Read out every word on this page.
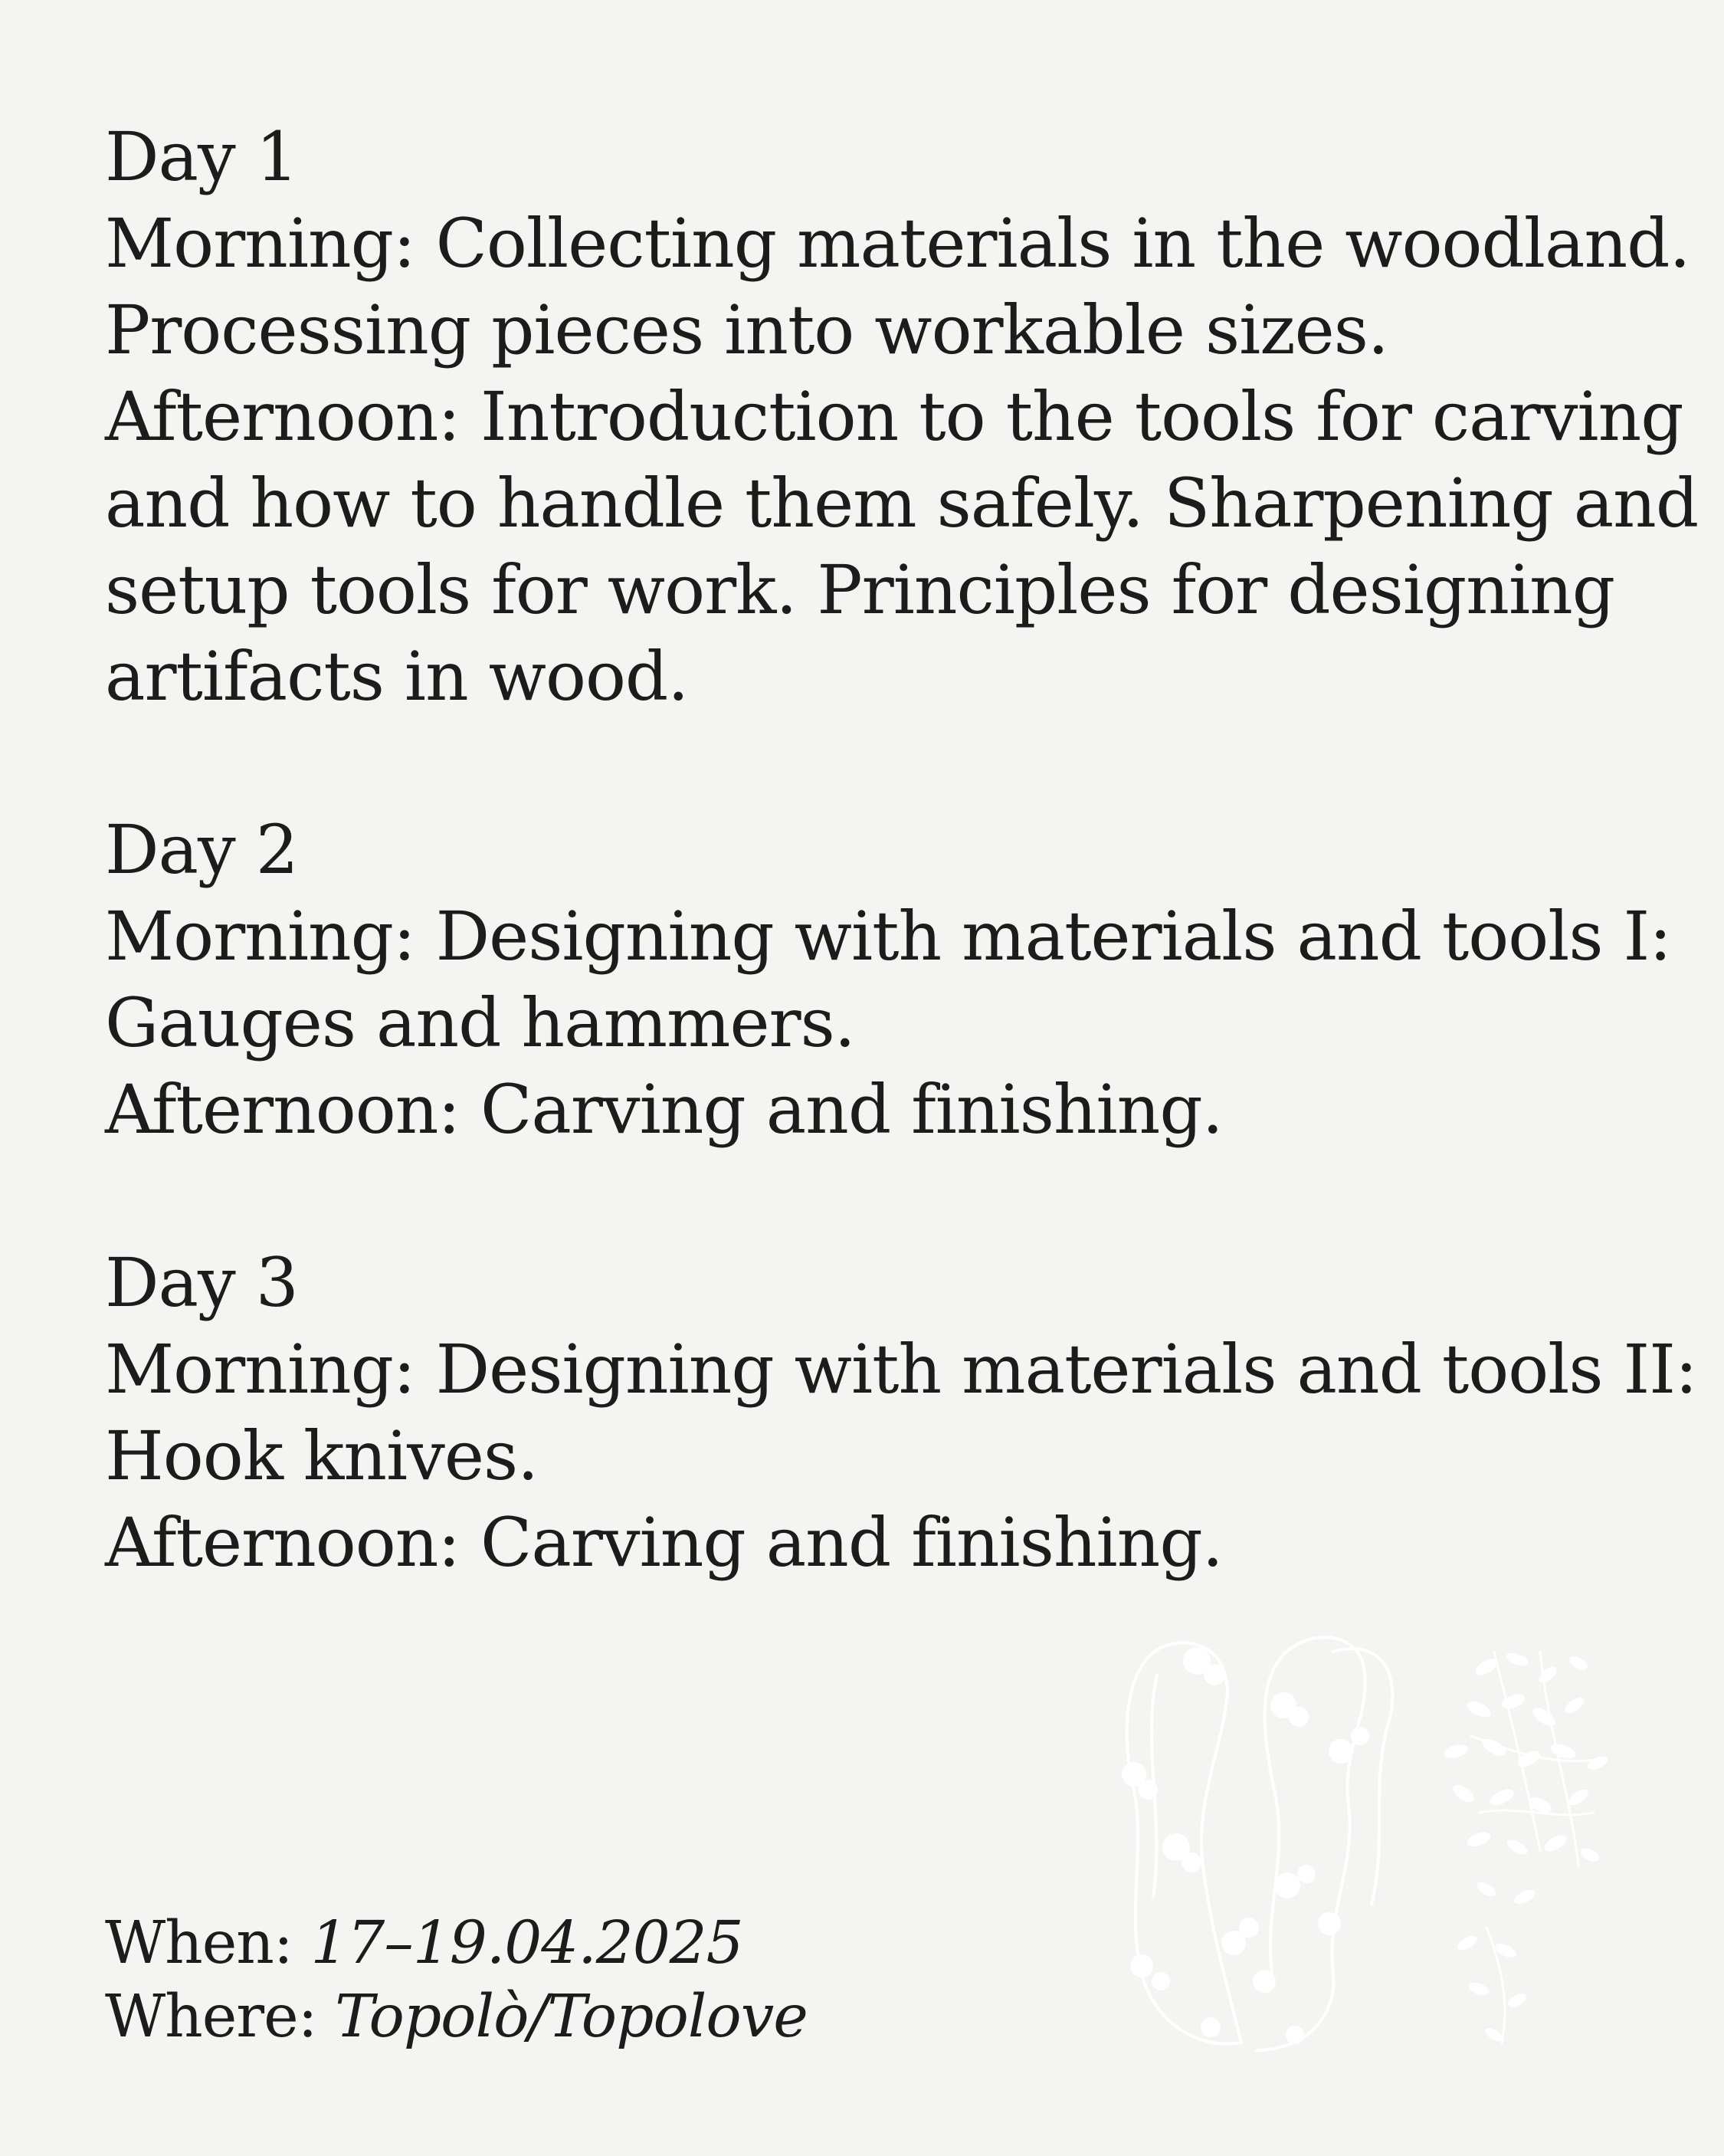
Day 1
Morning: Collecting materials in the woodland.
Processing pieces into workable sizes.
Afternoon: Introduction to the tools for carving
and how to handle them safely. Sharpening and
setup tools for work. Principles for designing
artifacts in wood.
Day 2
Morning: Designing with materials and tools I:
Gauges and hammers.
Afternoon: Carving and finishing.
Day 3
Morning: Designing with materials and tools II:
Hook knives.
Afternoon: Carving and finishing.
When: 17–19.04.2025
Where: Topolò/Topolove
